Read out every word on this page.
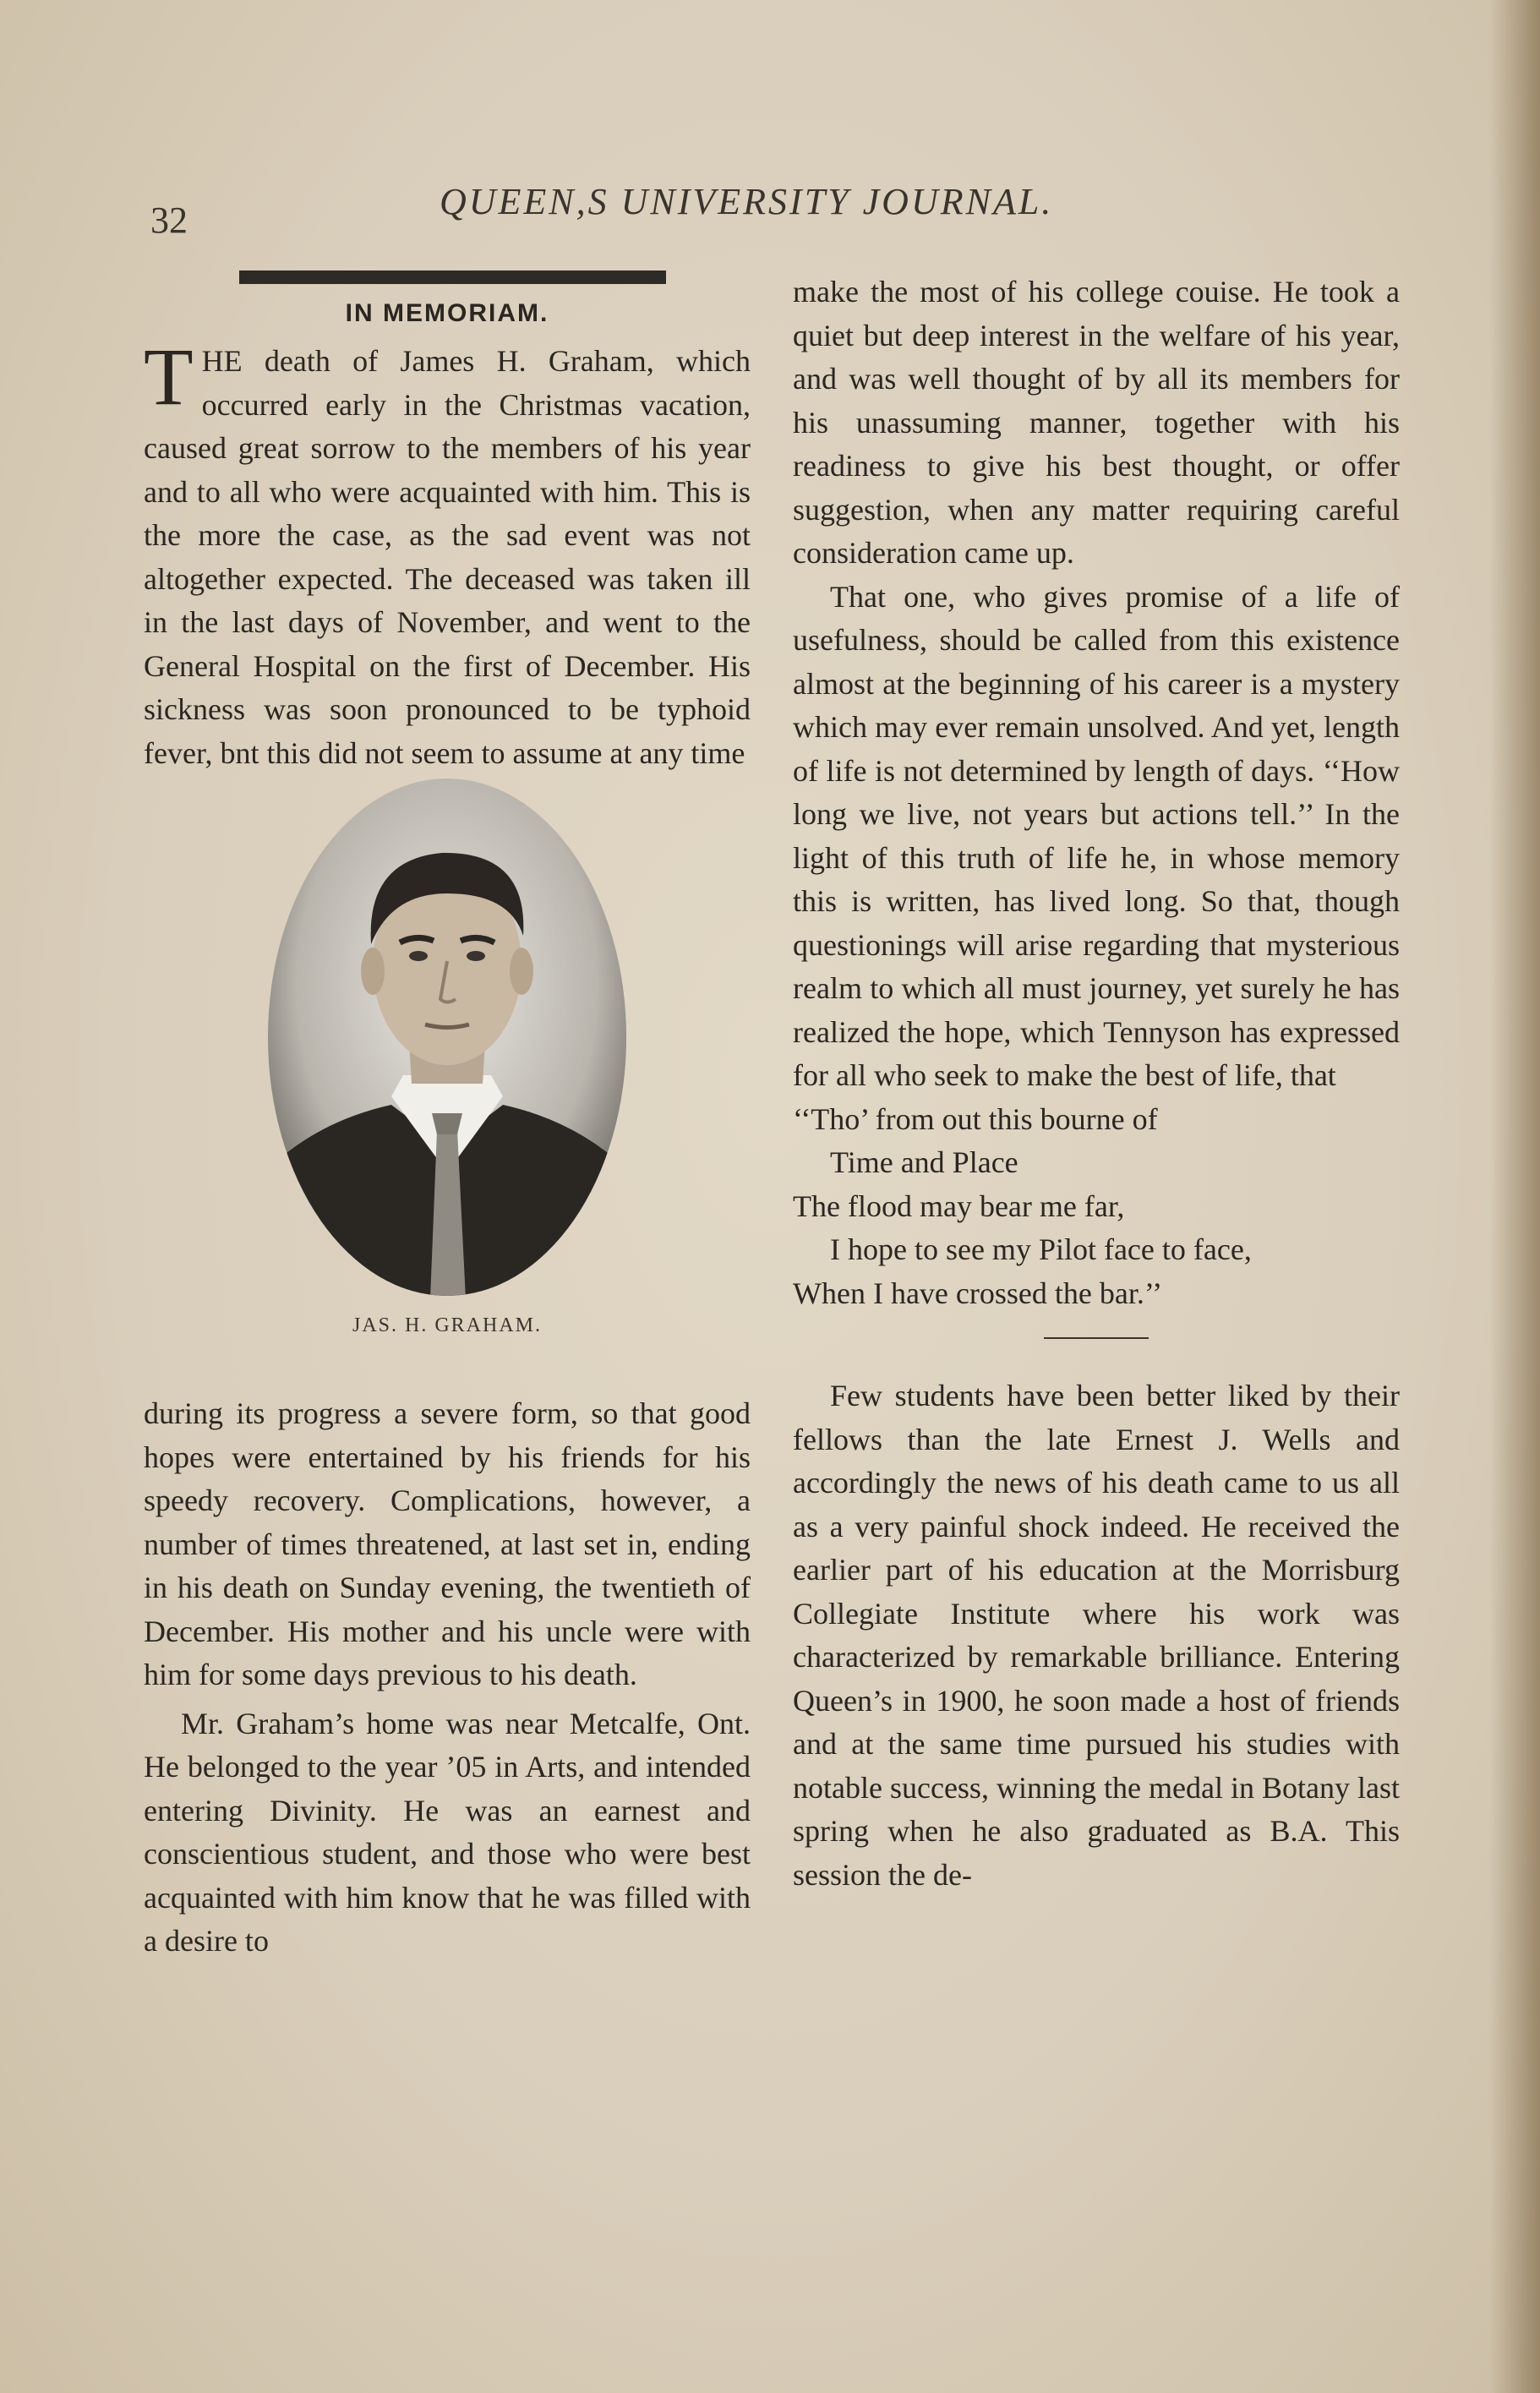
32	QUEEN,S UNIVERSITY JOURNAL.
IN MEMORIAM.

THE death of James H. Graham, which occurred early in the Christmas vacation, caused great sorrow to the members of his year and to all who were acquainted with him. This is the more the case, as the sad event was not altogether expected. The deceased was taken ill in the last days of November, and went to the General Hospital on the first of December. His sickness was soon pronounced to be typhoid fever, bnt this did not seem to assume at any time

JAS. H. GRAHAM.

during its progress a severe form, so that good hopes were entertained by his friends for his speedy recovery. Complications, however, a number of times threatened, at last set in, ending in his death on Sunday evening, the twentieth of December. His mother and his uncle were with him for some days previous to his death.

Mr. Graham’s home was near Metcalfe, Ont. He belonged to the year ’05 in Arts, and intended entering Divinity. He was an earnest and conscientious student, and those who were best acquainted with him know that he was filled with a desire to

make the most of his college couise. He took a quiet but deep interest in the welfare of his year, and was well thought of by all its members for his unassuming manner, together with his readiness to give his best thought, or offer suggestion, when any matter requiring careful consideration came up.

That one, who gives promise of a life of usefulness, should be called from this existence almost at the beginning of his career is a mystery which may ever remain unsolved. And yet, length of life is not determined by length of days. ‘‘How long we live, not years but actions tell.’’ In the light of this truth of life he, in whose memory this is written, has lived long. So that, though questionings will arise regarding that mysterious realm to which all must journey, yet surely he has realized the hope, which Tennyson has expressed for all who seek to make the best of life, that

‘‘Tho’ from out this bourne of
Time and Place
The flood may bear me far,
I hope to see my Pilot face to face,
When I have crossed the bar.’’

Few students have been better liked by their fellows than the late Ernest J. Wells and accordingly the news of his death came to us all as a very painful shock indeed. He received the earlier part of his education at the Morrisburg Collegiate Institute where his work was characterized by remarkable brilliance. Entering Queen’s in 1900, he soon made a host of friends and at the same time pursued his studies with notable success, winning the medal in Botany last spring when he also graduated as B.A. This session the de-
